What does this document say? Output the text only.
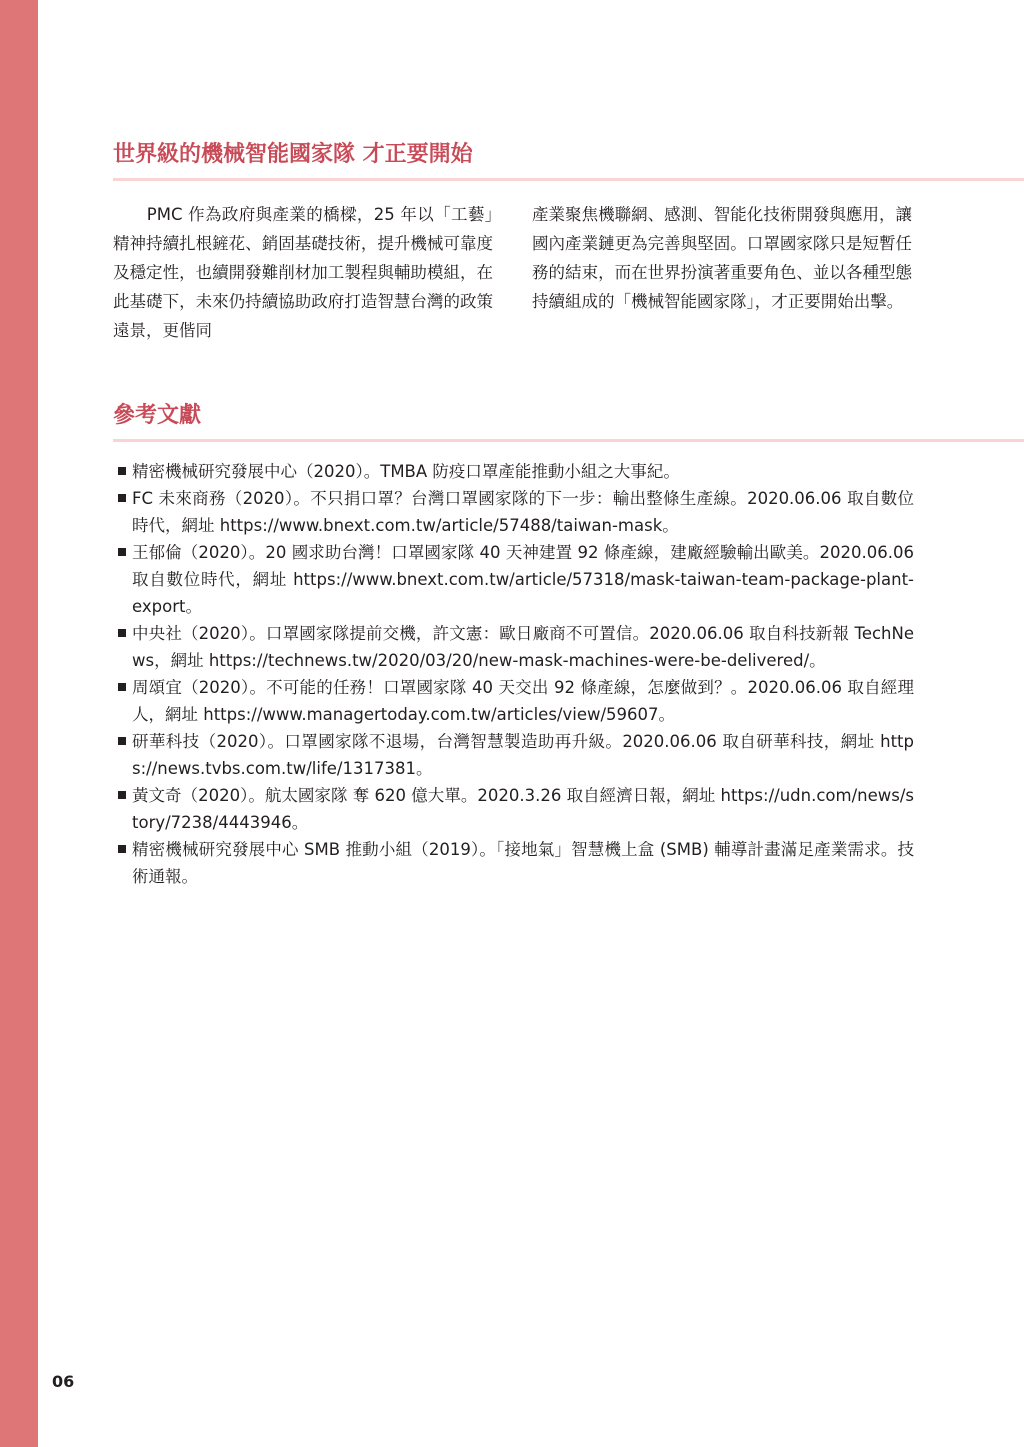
世界級的機械智能國家隊 才正要開始

　　PMC 作為政府與產業的橋樑，25 年以「工藝」精神持續扎根鏟花、銷固基礎技術，提升機械可靠度及穩定性，也續開發難削材加工製程與輔助模組，在此基礎下，未來仍持續協助政府打造智慧台灣的政策遠景，更偕同

產業聚焦機聯網、感測、智能化技術開發與應用，讓國內產業鏈更為完善與堅固。口罩國家隊只是短暫任務的結束，而在世界扮演著重要角色、並以各種型態持續組成的「機械智能國家隊」，才正要開始出擊。

參考文獻
精密機械研究發展中心（2020）。TMBA 防疫口罩產能推動小組之大事紀。
FC 未來商務（2020）。不只捐口罩？台灣口罩國家隊的下一步：輸出整條生產線。2020.06.06 取自數位時代，網址 https://www.bnext.com.tw/article/57488/taiwan-mask。
王郁倫（2020）。20 國求助台灣！口罩國家隊 40 天神建置 92 條產線，建廠經驗輸出歐美。2020.06.06 取自數位時代，網址 https://www.bnext.com.tw/article/57318/mask-taiwan-team-package-plant-export。
中央社（2020）。口罩國家隊提前交機，許文憲：歐日廠商不可置信。2020.06.06 取自科技新報 TechNews，網址 https://technews.tw/2020/03/20/new-mask-machines-were-be-delivered/。
周頌宜（2020）。不可能的任務！口罩國家隊 40 天交出 92 條產線，怎麼做到？。2020.06.06 取自經理人，網址 https://www.managertoday.com.tw/articles/view/59607。
研華科技（2020）。口罩國家隊不退場，台灣智慧製造助再升級。2020.06.06 取自研華科技，網址 https://news.tvbs.com.tw/life/1317381。
黃文奇（2020）。航太國家隊 奪 620 億大單。2020.3.26 取自經濟日報，網址 https://udn.com/news/story/7238/4443946。
精密機械研究發展中心 SMB 推動小組（2019）。「接地氣」智慧機上盒 (SMB) 輔導計畫滿足產業需求。技術通報。
06
